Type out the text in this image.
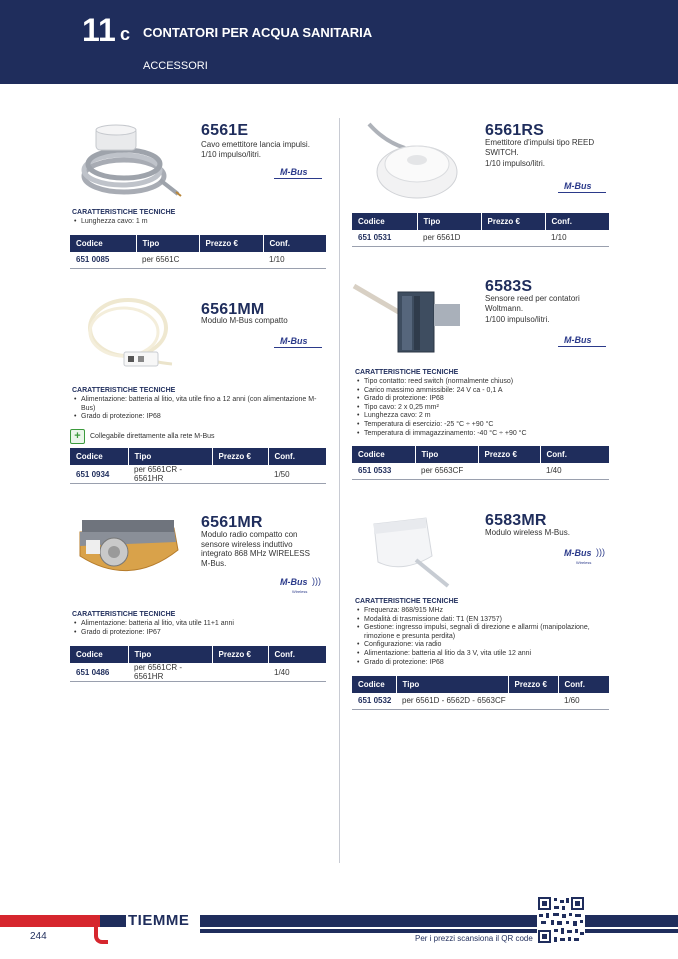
11 c CONTATORI PER ACQUA SANITARIA
ACCESSORI
6561E
Cavo emettitore lancia impulsi.
1/10 impulso/litri.
M-Bus
CARATTERISTICHE TECNICHE
• Lunghezza cavo: 1 m
Codice	Tipo	Prezzo €	Conf.
651 0085	per 6561C		1/10
6561MM
Modulo M-Bus compatto
M-Bus
CARATTERISTICHE TECNICHE
• Alimentazione: batteria al litio, vita utile fino a 12 anni (con alimentazione M-Bus)
• Grado di protezione: IP68
+	Collegabile direttamente alla rete M-Bus
Codice	Tipo	Prezzo €	Conf.
651 0934	per 6561CR - 6561HR		1/50
6561MR
Modulo radio compatto con
sensore wireless induttivo
integrato 868 MHz WIRELESS
M-Bus.
M-Bus )))
Wireless
CARATTERISTICHE TECNICHE
• Alimentazione: batteria al litio, vita utile 11+1 anni
• Grado di protezione: IP67
Codice	Tipo	Prezzo €	Conf.
651 0486	per 6561CR - 6561HR		1/40
6561RS
Emettitore d'impulsi tipo REED
SWITCH.
1/10 impulso/litri.
M-Bus
Codice	Tipo	Prezzo €	Conf.
651 0531	per 6561D		1/10
6583S
Sensore reed per contatori
Woltmann.
1/100 impulso/litri.
M-Bus
CARATTERISTICHE TECNICHE
• Tipo contatto: reed switch (normalmente chiuso)
• Carico massimo ammissibile: 24 V ca - 0,1 A
• Grado di protezione: IP68
• Tipo cavo: 2 x 0,25 mm²
• Lunghezza cavo: 2 m
• Temperatura di esercizio: -25 °C ÷ +90 °C
• Temperatura di immagazzinamento: -40 °C ÷ +90 °C
Codice	Tipo	Prezzo €	Conf.
651 0533	per 6563CF		1/40
6583MR
Modulo wireless M-Bus.
M-Bus )))
Wireless
CARATTERISTICHE TECNICHE
• Frequenza: 868/915 MHz
• Modalità di trasmissione dati: T1 (EN 13757)
• Gestione: ingresso impulsi, segnali di direzione e allarmi (manipolazione, rimozione e presunta perdita)
• Configurazione: via radio
• Alimentazione: batteria al litio da 3 V, vita utile 12 anni
• Grado di protezione: IP68
Codice	Tipo	Prezzo €	Conf.
651 0532	per 6561D - 6562D - 6563CF		1/60
TIEMME
244	Per i prezzi scansiona il QR code
